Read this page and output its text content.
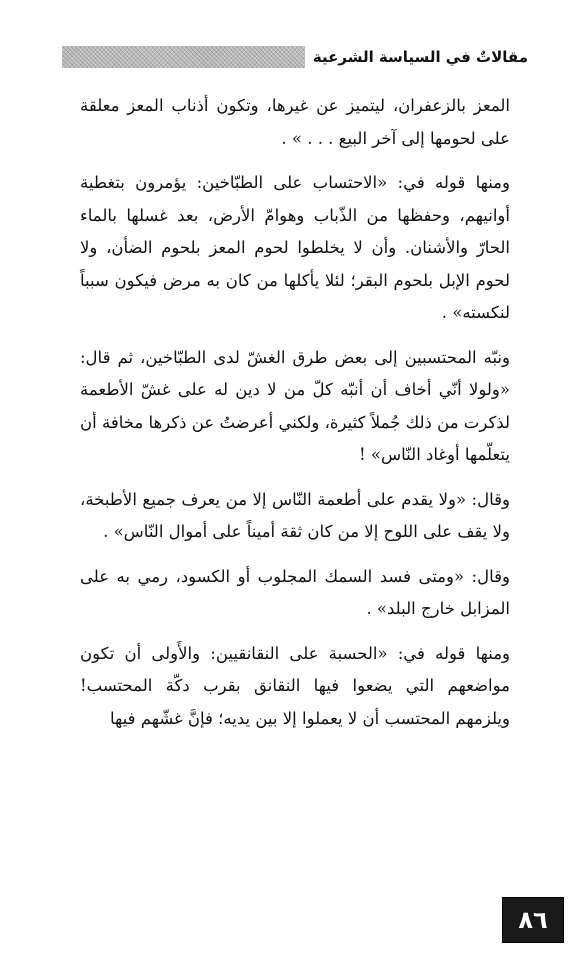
مقالاتٌ في السياسة الشرعية

المعز بالزعفران، ليتميز عن غيرها، وتكون أذناب المعز معلقة على لحومها إلى آخر البيع . . . » .

ومنها قوله في: «الاحتساب على الطبّاخين: يؤمرون بتغطية أوانيهم، وحفظها من الذّباب وهوامّ الأرض، بعد غسلها بالماء الحارّ والأشنان. وأن لا يخلطوا لحوم المعز بلحوم الضأن، ولا لحوم الإبل بلحوم البقر؛ لئلا يأكلها من كان به مرض فيكون سبباً لنكسته» .

ونبّه المحتسبين إلى بعض طرق الغشّ لدى الطبّاخين، ثم قال: «ولولا أنّي أخاف أن أنبّه كلّ من لا دين له على غشّ الأطعمة لذكرت من ذلك جُملاً كثيرة، ولكني أعرضتُ عن ذكرها مخافة أن يتعلّمها أوغاد النّاس» !

وقال: «ولا يقدم على أطعمة النّاس إلا من يعرف جميع الأطبخة، ولا يقف على اللوح إلا من كان ثقة أميناً على أموال النّاس» .

وقال: «ومتى فسد السمك المجلوب أو الكسود، رمي به على المزابل خارج البلد» .

ومنها قوله في: «الحسبة على النقانقيين: والأَولى أن تكون مواضعهم التي يضعوا فيها النقانق بقرب دكّة المحتسب! ويلزمهم المحتسب أن لا يعملوا إلا بين يديه؛ فإنَّ غشّهم فيها

٨٦
